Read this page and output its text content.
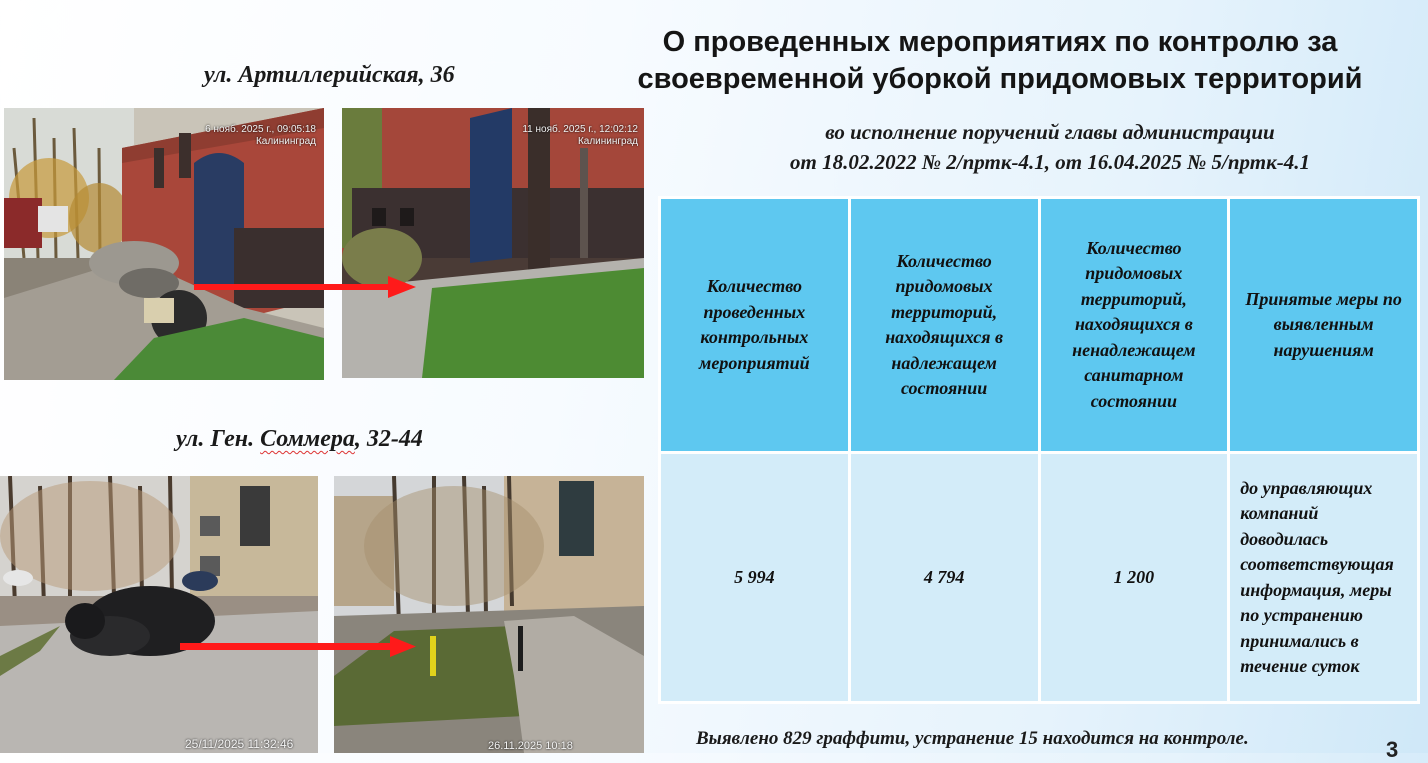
О проведенных мероприятиях по контролю за
своевременной уборкой придомовых территорий
во исполнение поручений главы администрации
от 18.02.2022 № 2/пртк-4.1, от 16.04.2025 № 5/пртк-4.1
ул. Артиллерийская, 36
6 нояб. 2025 г., 09:05:18
Калининград
11 нояб. 2025 г., 12:02:12
Калининград
ул. Ген. Соммера, 32-44
25/11/2025 11:32:46	26.11.2025 10:18
Количество проведенных контрольных мероприятий	Количество придомовых территорий, находящихся в надлежащем состоянии	Количество придомовых территорий, находящихся в ненадлежащем санитарном состоянии	Принятые меры по выявленным нарушениям
5 994	4 794	1 200	до управляющих компаний доводилась соответствующая информация, меры по устранению принимались в течение суток
Выявлено 829 граффити, устранение 15 находится на контроле.	3
